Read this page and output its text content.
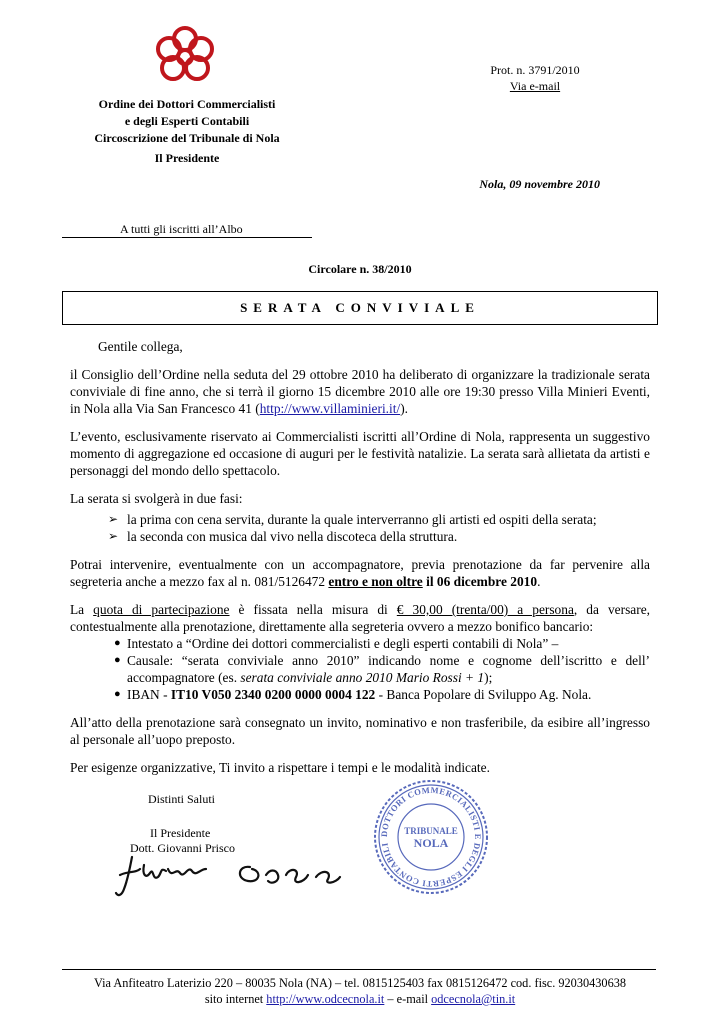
Ordine dei Dottori Commercialisti
e degli Esperti Contabili
Circoscrizione del Tribunale di Nola
Il Presidente
Prot. n. 3791/2010
Via e-mail
Nola, 09 novembre 2010
A tutti gli iscritti all’Albo
Circolare n. 38/2010
SERATA CONVIVIALE

Gentile collega,

il Consiglio dell’Ordine nella seduta del 29 ottobre 2010 ha deliberato di organizzare la tradizionale serata conviviale di fine anno, che si terrà il giorno 15 dicembre 2010 alle ore 19:30 presso Villa Minieri Eventi, in Nola alla Via San Francesco 41 (http://www.villaminieri.it/).

L’evento, esclusivamente riservato ai Commercialisti iscritti all’Ordine di Nola, rappresenta un suggestivo momento di aggregazione ed occasione di auguri per le festività natalizie. La serata sarà allietata da artisti e personaggi del mondo dello spettacolo.

La serata si svolgerà in due fasi:

➢ la prima con cena servita, durante la quale interverranno gli artisti ed ospiti della serata;
➢ la seconda con musica dal vivo nella discoteca della struttura.

Potrai intervenire, eventualmente con un accompagnatore, previa prenotazione da far pervenire alla segreteria anche a mezzo fax al n. 081/5126472 entro e non oltre il 06 dicembre 2010.

La quota di partecipazione è fissata nella misura di € 30,00 (trenta/00) a persona, da versare, contestualmente alla prenotazione, direttamente alla segreteria ovvero a mezzo bonifico bancario:

● Intestato a “Ordine dei dottori commercialisti e degli esperti contabili di Nola” –
● Causale: “serata conviviale anno 2010” indicando nome e cognome dell’iscritto e dell’ accompagnatore (es. serata conviviale anno 2010 Mario Rossi + 1);
● IBAN - IT10 V050 2340 0200 0000 0004 122 - Banca Popolare di Sviluppo Ag. Nola.

All’atto della prenotazione sarà consegnato un invito, nominativo e non trasferibile, da esibire all’ingresso al personale all’uopo preposto.

Per esigenze organizzative, Ti invito a rispettare i tempi e le modalità indicate.

Distinti Saluti
Il Presidente
Dott. Giovanni Prisco
DOTTORI COMMERCIALISTI E DEGLI ESPERTI CONTABILI
TRIBUNALE
NOLA
Via Anfiteatro Laterizio 220 – 80035 Nola (NA) – tel. 0815125403 fax 0815126472 cod. fisc. 92030430638
sito internet http://www.odcecnola.it – e-mail odcecnola@tin.it
